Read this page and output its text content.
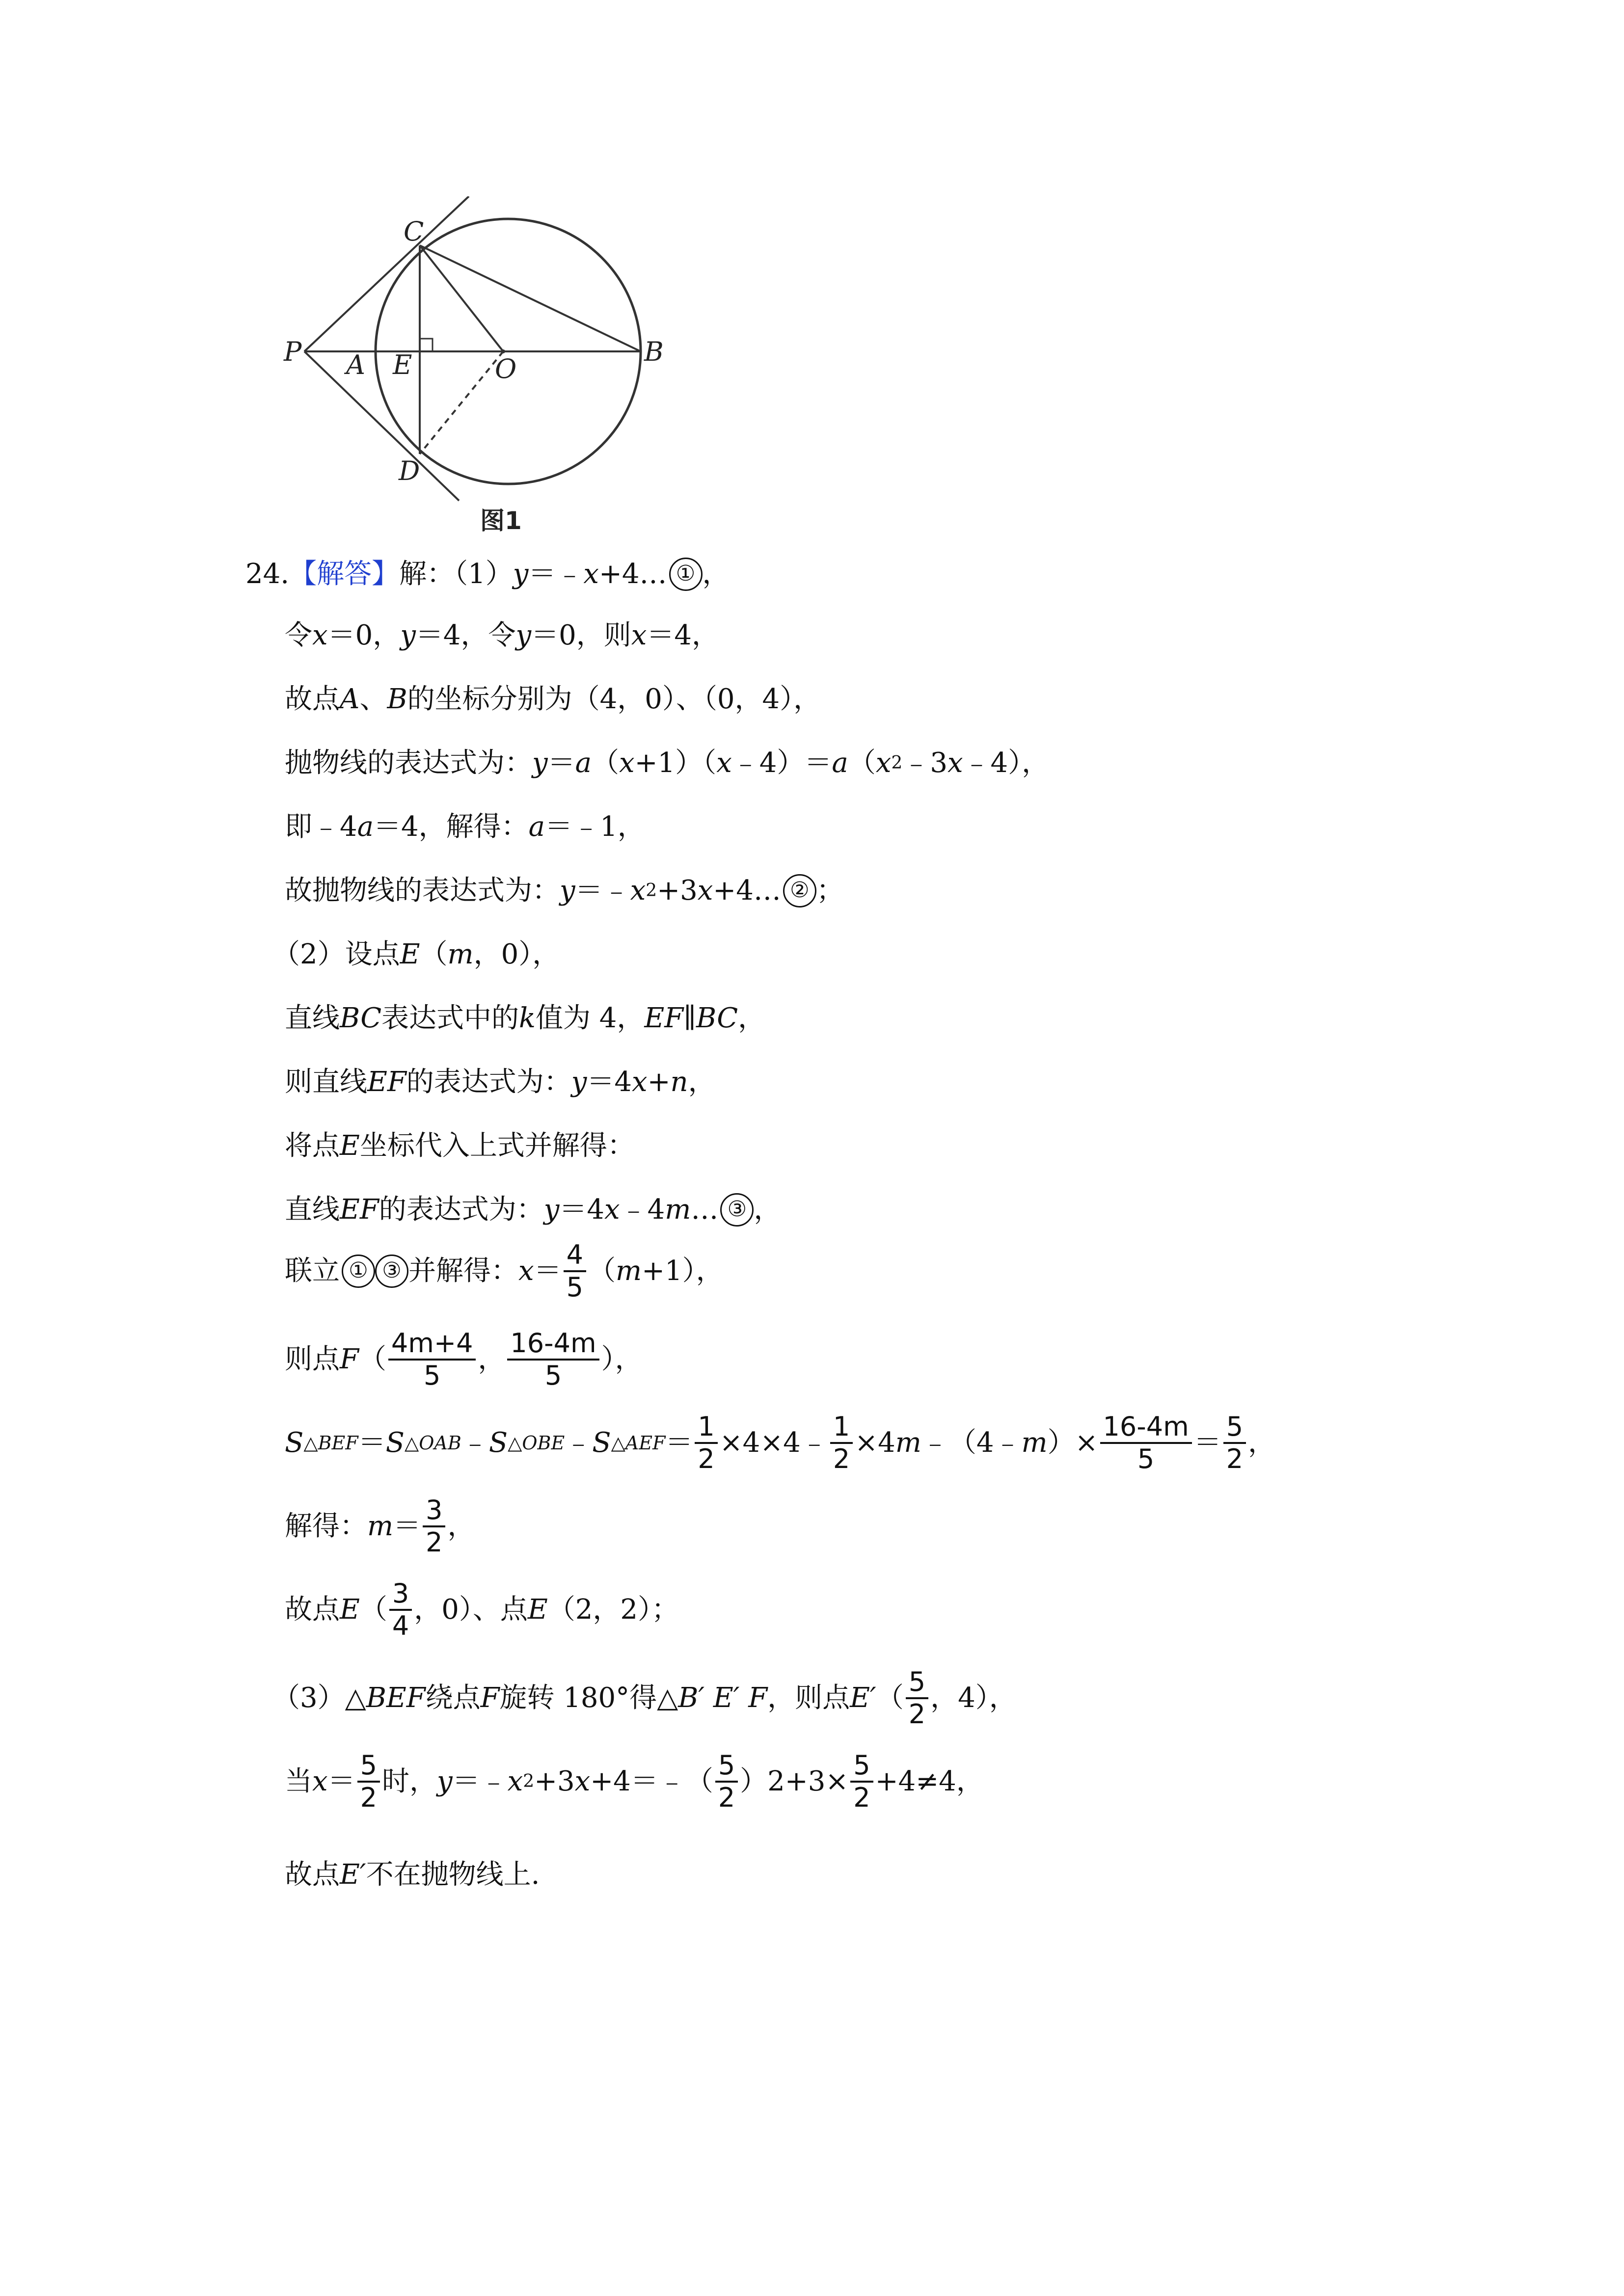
C
P A E	O
B
D
图1
24. 【解答】 解：（1） y ＝﹣ x +4… ① ，
令 x ＝0， y ＝4，令 y ＝0，则 x ＝4，
故点 A 、 B 的坐标分别为（4，0）、（0，4），
抛物线的表达式为： y ＝ a （ x +1）（ x ﹣4）＝ a （ x 2 ﹣3 x ﹣4），
即﹣4 a ＝4，解得： a ＝﹣1，
故抛物线的表达式为： y ＝﹣ x 2 +3 x +4… ② ；
（2）设点 E （ m ，0），
直线 BC 表达式中的 k 值为 4， EF ∥ BC ，
则直线 EF 的表达式为： y ＝4 x + n ，
将点 E 坐标代入上式并解得：
直线 EF 的表达式为： y ＝4 x ﹣4 m … ③ ，
联立 ① ③ 并解得： $x = \frac{4}{5}$ （ m +1），
则点 F （ $\frac{4m+4}{5}$ ， $\frac{16-4m}{5}$ ），
S △BEF ＝ S △OAB ﹣ S △OBE ﹣ S △AEF ＝ $\frac{1}{2}$ ×4×4﹣ $\frac{1}{2} \times 4$ m ﹣（4﹣ m ）× $\frac{16-4m}{5} = \frac{5}{2}$ ，
解得： $m = \frac{3}{2}$ ，
故点 E （ $\frac{3}{4}$ ，0）、点 E （2，2）；
（3）△ BEF 绕点 F 旋转 180°得△ B′ E′ F ，则点 E′ （ $\frac{5}{2}$ ，4），
当 $x = \frac{5}{2}$ 时， y ＝﹣ x 2 +3 x +4＝﹣（ $\frac{5}{2} )2+3\times \frac{5}{2} +4\ne 4$，
故点 E′ 不在抛物线上.
